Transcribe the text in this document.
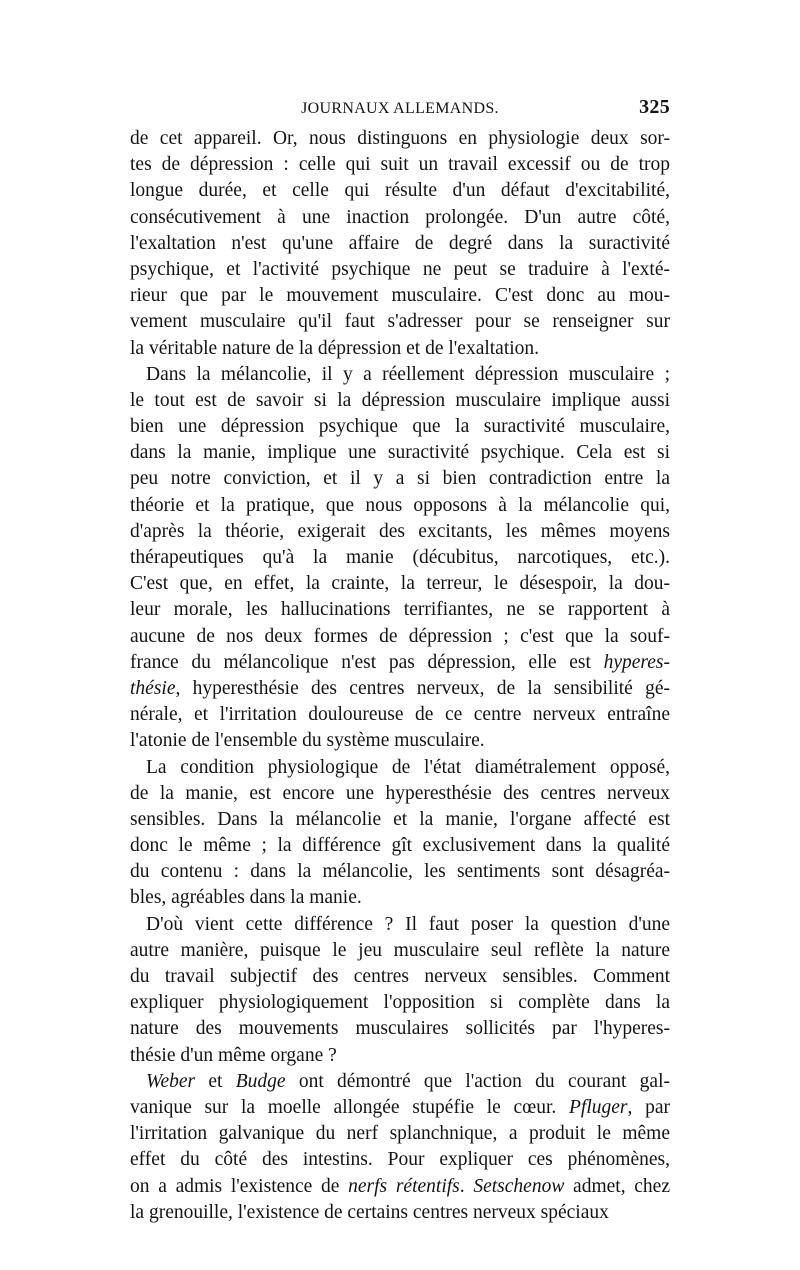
JOURNAUX ALLEMANDS.	325
de cet appareil. Or, nous distinguons en physiologie deux sor-
tes de dépression : celle qui suit un travail excessif ou de trop
longue durée, et celle qui résulte d'un défaut d'excitabilité,
consécutivement à une inaction prolongée. D'un autre côté,
l'exaltation n'est qu'une affaire de degré dans la suractivité
psychique, et l'activité psychique ne peut se traduire à l'exté-
rieur que par le mouvement musculaire. C'est donc au mou-
vement musculaire qu'il faut s'adresser pour se renseigner sur
la véritable nature de la dépression et de l'exaltation.
Dans la mélancolie, il y a réellement dépression musculaire ;
le tout est de savoir si la dépression musculaire implique aussi
bien une dépression psychique que la suractivité musculaire,
dans la manie, implique une suractivité psychique. Cela est si
peu notre conviction, et il y a si bien contradiction entre la
théorie et la pratique, que nous opposons à la mélancolie qui,
d'après la théorie, exigerait des excitants, les mêmes moyens
thérapeutiques qu'à la manie (décubitus, narcotiques, etc.).
C'est que, en effet, la crainte, la terreur, le désespoir, la dou-
leur morale, les hallucinations terrifiantes, ne se rapportent à
aucune de nos deux formes de dépression ; c'est que la souf-
france du mélancolique n'est pas dépression, elle est hyperes-
thésie, hyperesthésie des centres nerveux, de la sensibilité gé-
nérale, et l'irritation douloureuse de ce centre nerveux entraîne
l'atonie de l'ensemble du système musculaire.
La condition physiologique de l'état diamétralement opposé,
de la manie, est encore une hyperesthésie des centres nerveux
sensibles. Dans la mélancolie et la manie, l'organe affecté est
donc le même ; la différence gît exclusivement dans la qualité
du contenu : dans la mélancolie, les sentiments sont désagréa-
bles, agréables dans la manie.
D'où vient cette différence ? Il faut poser la question d'une
autre manière, puisque le jeu musculaire seul reflète la nature
du travail subjectif des centres nerveux sensibles. Comment
expliquer physiologiquement l'opposition si complète dans la
nature des mouvements musculaires sollicités par l'hyperes-
thésie d'un même organe ?
Weber et Budge ont démontré que l'action du courant gal-
vanique sur la moelle allongée stupéfie le cœur. Pfluger, par
l'irritation galvanique du nerf splanchnique, a produit le même
effet du côté des intestins. Pour expliquer ces phénomènes,
on a admis l'existence de nerfs rétentifs. Setschenow admet, chez
la grenouille, l'existence de certains centres nerveux spéciaux
